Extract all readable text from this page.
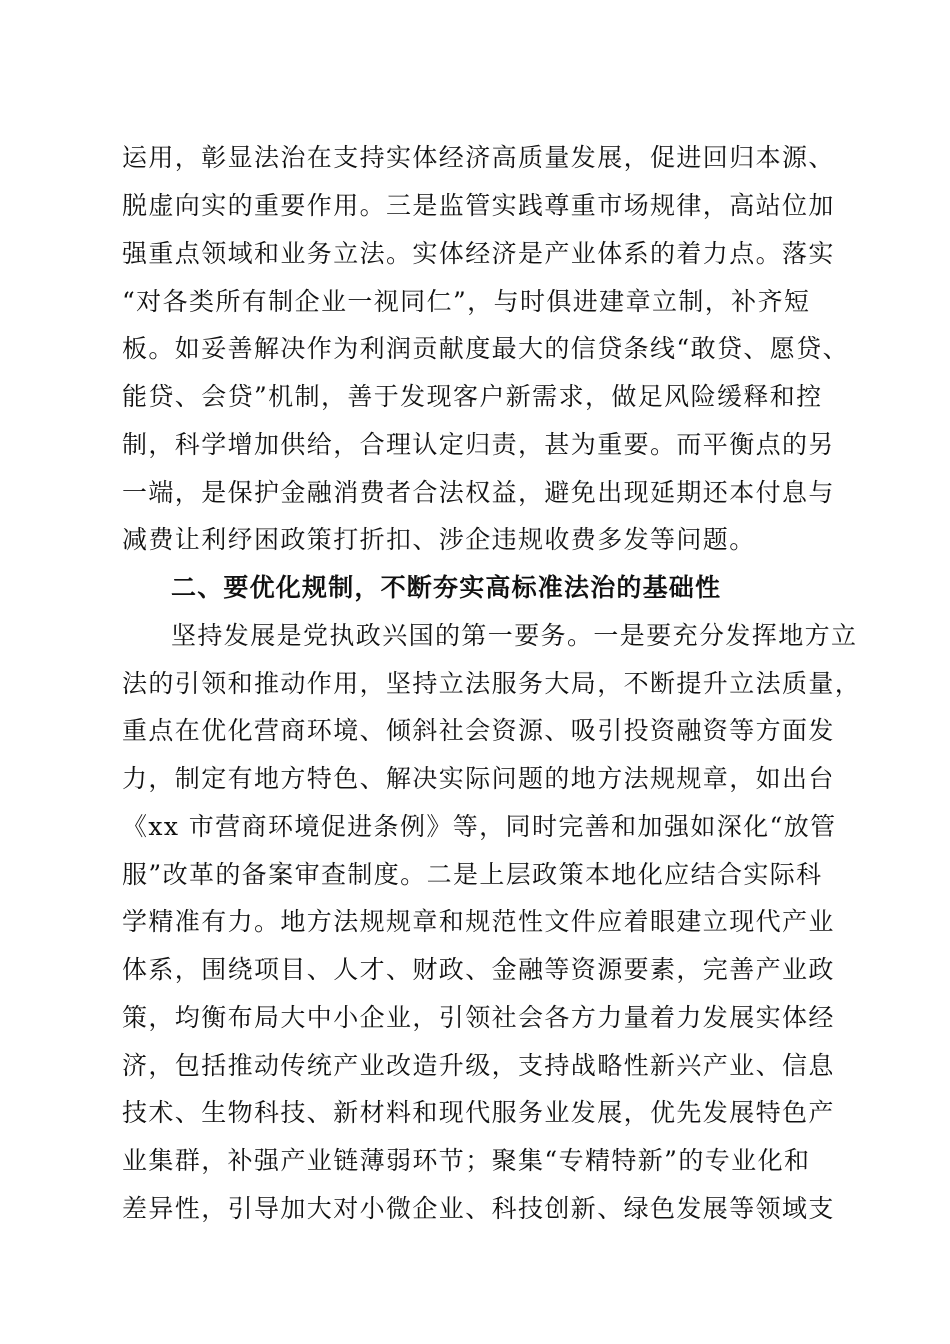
运用，彰显法治在支持实体经济高质量发展，促进回归本源、
脱虚向实的重要作用。三是监管实践尊重市场规律，高站位加
强重点领域和业务立法。实体经济是产业体系的着力点。落实
“对各类所有制企业一视同仁”，与时俱进建章立制，补齐短
板。如妥善解决作为利润贡献度最大的信贷条线“敢贷、愿贷、
能贷、会贷”机制，善于发现客户新需求，做足风险缓释和控
制，科学增加供给，合理认定归责，甚为重要。而平衡点的另
一端，是保护金融消费者合法权益，避免出现延期还本付息与
减费让利纾困政策打折扣、涉企违规收费多发等问题。
二、要优化规制，不断夯实高标准法治的基础性
坚持发展是党执政兴国的第一要务。一是要充分发挥地方立
法的引领和推动作用，坚持立法服务大局，不断提升立法质量，
重点在优化营商环境、倾斜社会资源、吸引投资融资等方面发
力，制定有地方特色、解决实际问题的地方法规规章，如出台
《xx 市营商环境促进条例》等，同时完善和加强如深化“放管
服”改革的备案审查制度。二是上层政策本地化应结合实际科
学精准有力。地方法规规章和规范性文件应着眼建立现代产业
体系，围绕项目、人才、财政、金融等资源要素，完善产业政
策，均衡布局大中小企业，引领社会各方力量着力发展实体经
济，包括推动传统产业改造升级，支持战略性新兴产业、信息
技术、生物科技、新材料和现代服务业发展，优先发展特色产
业集群，补强产业链薄弱环节；聚集“专精特新”的专业化和
差异性，引导加大对小微企业、科技创新、绿色发展等领域支
